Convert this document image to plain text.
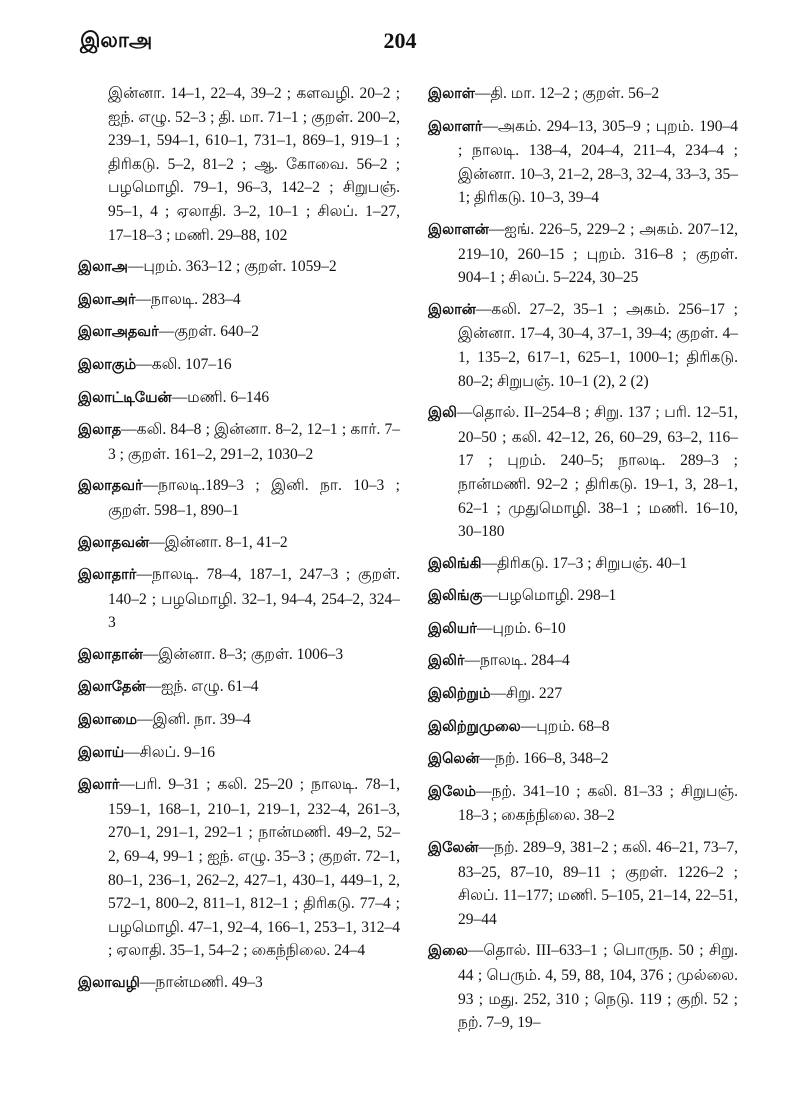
இலாஅ	204

இன்னா. 14–1, 22–4, 39–2 ; களவழி. 20–2 ; ஐந். எழு. 52–3 ; தி. மா. 71–1 ; குறள். 200–2, 239–1, 594–1, 610–1, 731–1, 869–1, 919–1 ; திரிகடு. 5–2, 81–2 ; ஆ. கோவை. 56–2 ; பழமொழி. 79–1, 96–3, 142–2 ; சிறுபஞ். 95–1, 4 ; ஏலாதி. 3–2, 10–1 ; சிலப். 1–27, 17–18–3 ; மணி. 29–88, 102

இலாஅ—புறம். 363–12 ; குறள். 1059–2

இலாஅர்—நாலடி. 283–4

இலாஅதவர்—குறள். 640–2

இலாகும்—கலி. 107–16

இலாட்டியேன்—மணி. 6–146

இலாத—கலி. 84–8 ; இன்னா. 8–2, 12–1 ; கார். 7–3 ; குறள். 161–2, 291–2, 1030–2

இலாதவர்—நாலடி.189–3 ; இனி. நா. 10–3 ; குறள். 598–1, 890–1

இலாதவன்—இன்னா. 8–1, 41–2

இலாதார்—நாலடி. 78–4, 187–1, 247–3 ; குறள். 140–2 ; பழமொழி. 32–1, 94–4, 254–2, 324–3

இலாதான்—இன்னா. 8–3; குறள். 1006–3

இலாதேன்—ஐந். எழு. 61–4

இலாமை—இனி. நா. 39–4

இலாய்—சிலப். 9–16

இலார்—பரி. 9–31 ; கலி. 25–20 ; நாலடி. 78–1, 159–1, 168–1, 210–1, 219–1, 232–4, 261–3, 270–1, 291–1, 292–1 ; நான்மணி. 49–2, 52–2, 69–4, 99–1 ; ஐந். எழு. 35–3 ; குறள். 72–1, 80–1, 236–1, 262–2, 427–1, 430–1, 449–1, 2, 572–1, 800–2, 811–1, 812–1 ; திரிகடு. 77–4 ; பழமொழி. 47–1, 92–4, 166–1, 253–1, 312–4 ; ஏலாதி. 35–1, 54–2 ; கைந்நிலை. 24–4

இலாவழி—நான்மணி. 49–3

இலாள்—தி. மா. 12–2 ; குறள். 56–2

இலாளர்—அகம். 294–13, 305–9 ; புறம். 190–4 ; நாலடி. 138–4, 204–4, 211–4, 234–4 ; இன்னா. 10–3, 21–2, 28–3, 32–4, 33–3, 35–1; திரிகடு. 10–3, 39–4

இலாளன்—ஐங். 226–5, 229–2 ; அகம். 207–12, 219–10, 260–15 ; புறம். 316–8 ; குறள். 904–1 ; சிலப். 5–224, 30–25

இலான்—கலி. 27–2, 35–1 ; அகம். 256–17 ; இன்னா. 17–4, 30–4, 37–1, 39–4; குறள். 4–1, 135–2, 617–1, 625–1, 1000–1; திரிகடு. 80–2; சிறுபஞ். 10–1 (2), 2 (2)

இலி—தொல். II–254–8 ; சிறு. 137 ; பரி. 12–51, 20–50 ; கலி. 42–12, 26, 60–29, 63–2, 116–17 ; புறம். 240–5; நாலடி. 289–3 ; நான்மணி. 92–2 ; திரிகடு. 19–1, 3, 28–1, 62–1 ; முதுமொழி. 38–1 ; மணி. 16–10, 30–180

இலிங்கி—திரிகடு. 17–3 ; சிறுபஞ். 40–1

இலிங்கு—பழமொழி. 298–1

இலியர்—புறம். 6–10

இலிர்—நாலடி. 284–4

இலிற்றும்—சிறு. 227

இலிற்றுமுலை—புறம். 68–8

இலென்—நற். 166–8, 348–2

இலேம்—நற். 341–10 ; கலி. 81–33 ; சிறுபஞ். 18–3 ; கைந்நிலை. 38–2

இலேன்—நற். 289–9, 381–2 ; கலி. 46–21, 73–7, 83–25, 87–10, 89–11 ; குறள். 1226–2 ; சிலப். 11–177; மணி. 5–105, 21–14, 22–51, 29–44

இலை—தொல். III–633–1 ; பொருந. 50 ; சிறு. 44 ; பெரும். 4, 59, 88, 104, 376 ; முல்லை. 93 ; மது. 252, 310 ; நெடு. 119 ; குறி. 52 ; நற். 7–9, 19–
